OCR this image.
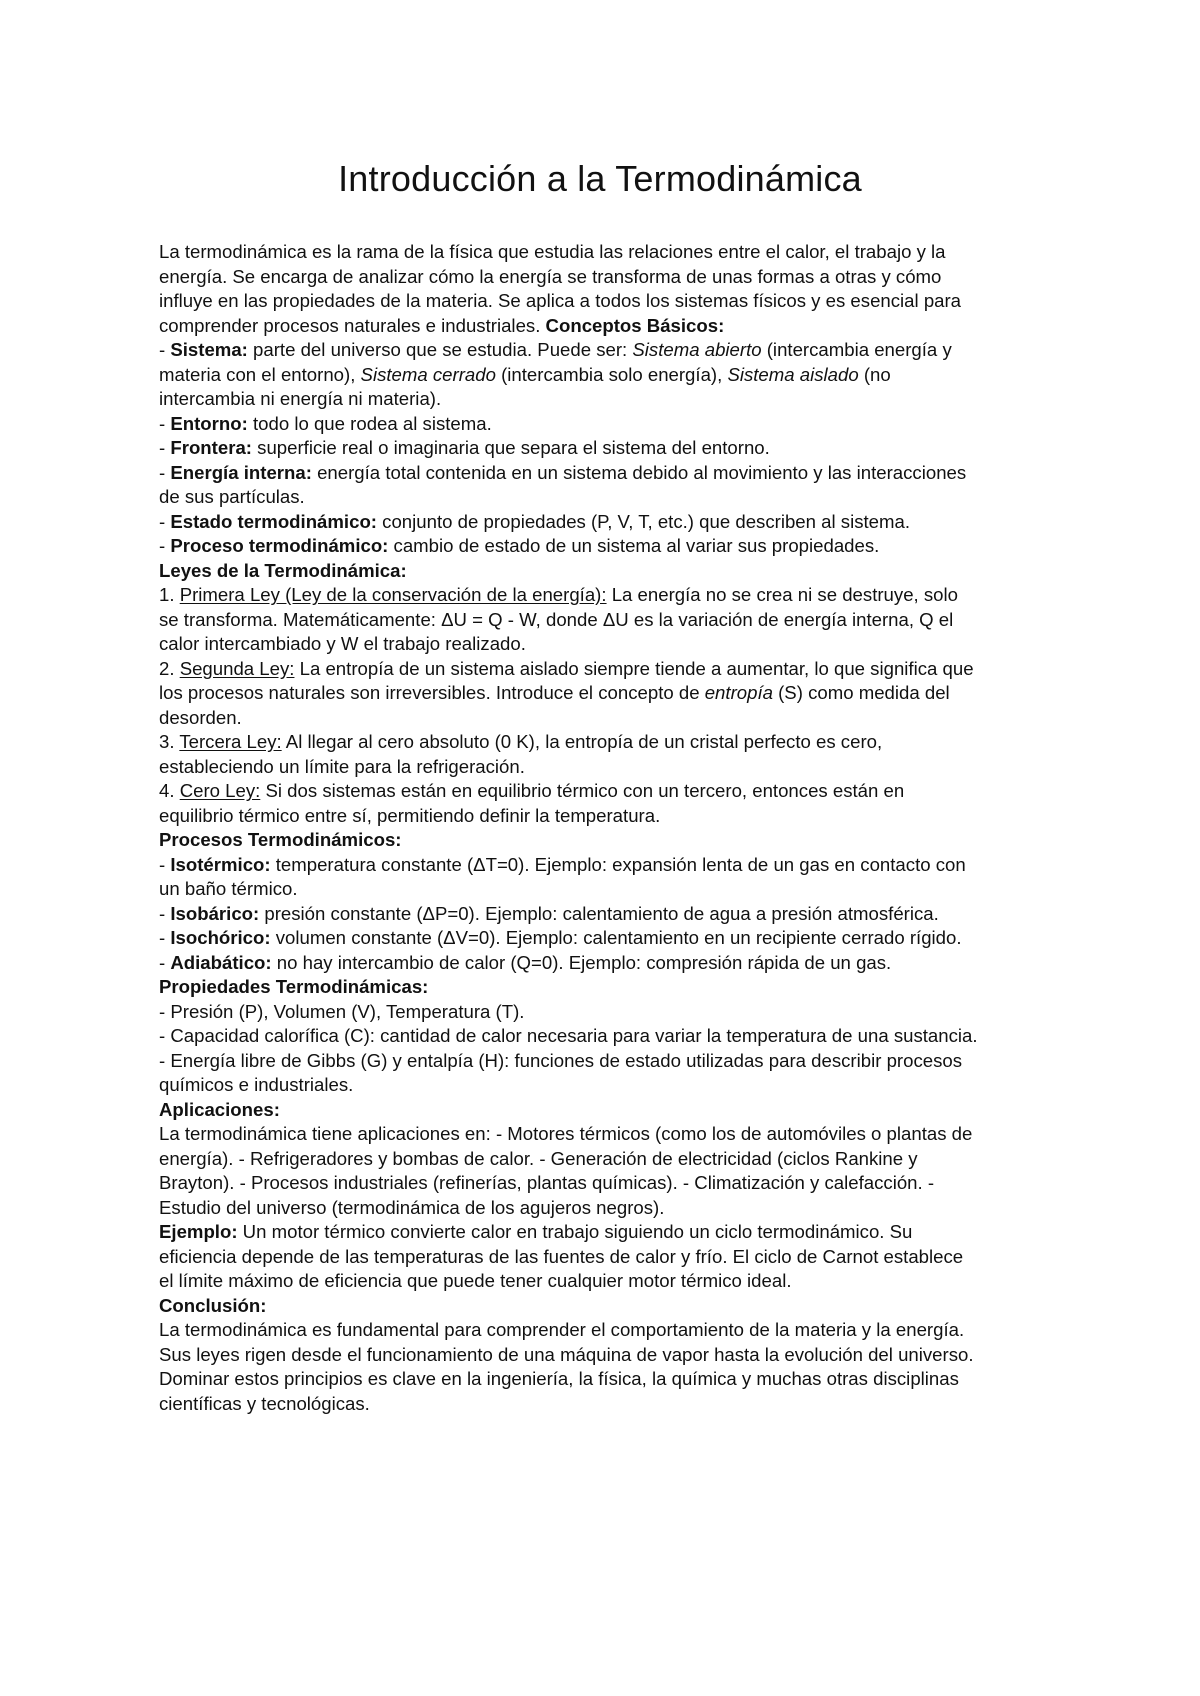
Introducción a la Termodinámica
La termodinámica es la rama de la física que estudia las relaciones entre el calor, el trabajo y la
energía. Se encarga de analizar cómo la energía se transforma de unas formas a otras y cómo
influye en las propiedades de la materia. Se aplica a todos los sistemas físicos y es esencial para
comprender procesos naturales e industriales. Conceptos Básicos:
- Sistema: parte del universo que se estudia. Puede ser: Sistema abierto (intercambia energía y
materia con el entorno), Sistema cerrado (intercambia solo energía), Sistema aislado (no
intercambia ni energía ni materia).
- Entorno: todo lo que rodea al sistema.
- Frontera: superficie real o imaginaria que separa el sistema del entorno.
- Energía interna: energía total contenida en un sistema debido al movimiento y las interacciones
de sus partículas.
- Estado termodinámico: conjunto de propiedades (P, V, T, etc.) que describen al sistema.
- Proceso termodinámico: cambio de estado de un sistema al variar sus propiedades.
Leyes de la Termodinámica:
1. Primera Ley (Ley de la conservación de la energía): La energía no se crea ni se destruye, solo
se transforma. Matemáticamente: ΔU = Q - W, donde ΔU es la variación de energía interna, Q el
calor intercambiado y W el trabajo realizado.
2. Segunda Ley: La entropía de un sistema aislado siempre tiende a aumentar, lo que significa que
los procesos naturales son irreversibles. Introduce el concepto de entropía (S) como medida del
desorden.
3. Tercera Ley: Al llegar al cero absoluto (0 K), la entropía de un cristal perfecto es cero,
estableciendo un límite para la refrigeración.
4. Cero Ley: Si dos sistemas están en equilibrio térmico con un tercero, entonces están en
equilibrio térmico entre sí, permitiendo definir la temperatura.
Procesos Termodinámicos:
- Isotérmico: temperatura constante (ΔT=0). Ejemplo: expansión lenta de un gas en contacto con
un baño térmico.
- Isobárico: presión constante (ΔP=0). Ejemplo: calentamiento de agua a presión atmosférica.
- Isochórico: volumen constante (ΔV=0). Ejemplo: calentamiento en un recipiente cerrado rígido.
- Adiabático: no hay intercambio de calor (Q=0). Ejemplo: compresión rápida de un gas.
Propiedades Termodinámicas:
- Presión (P), Volumen (V), Temperatura (T).
- Capacidad calorífica (C): cantidad de calor necesaria para variar la temperatura de una sustancia.
- Energía libre de Gibbs (G) y entalpía (H): funciones de estado utilizadas para describir procesos
químicos e industriales.
Aplicaciones:
La termodinámica tiene aplicaciones en: - Motores térmicos (como los de automóviles o plantas de
energía). - Refrigeradores y bombas de calor. - Generación de electricidad (ciclos Rankine y
Brayton). - Procesos industriales (refinerías, plantas químicas). - Climatización y calefacción. -
Estudio del universo (termodinámica de los agujeros negros).
Ejemplo: Un motor térmico convierte calor en trabajo siguiendo un ciclo termodinámico. Su
eficiencia depende de las temperaturas de las fuentes de calor y frío. El ciclo de Carnot establece
el límite máximo de eficiencia que puede tener cualquier motor térmico ideal.
Conclusión:
La termodinámica es fundamental para comprender el comportamiento de la materia y la energía.
Sus leyes rigen desde el funcionamiento de una máquina de vapor hasta la evolución del universo.
Dominar estos principios es clave en la ingeniería, la física, la química y muchas otras disciplinas
científicas y tecnológicas.
